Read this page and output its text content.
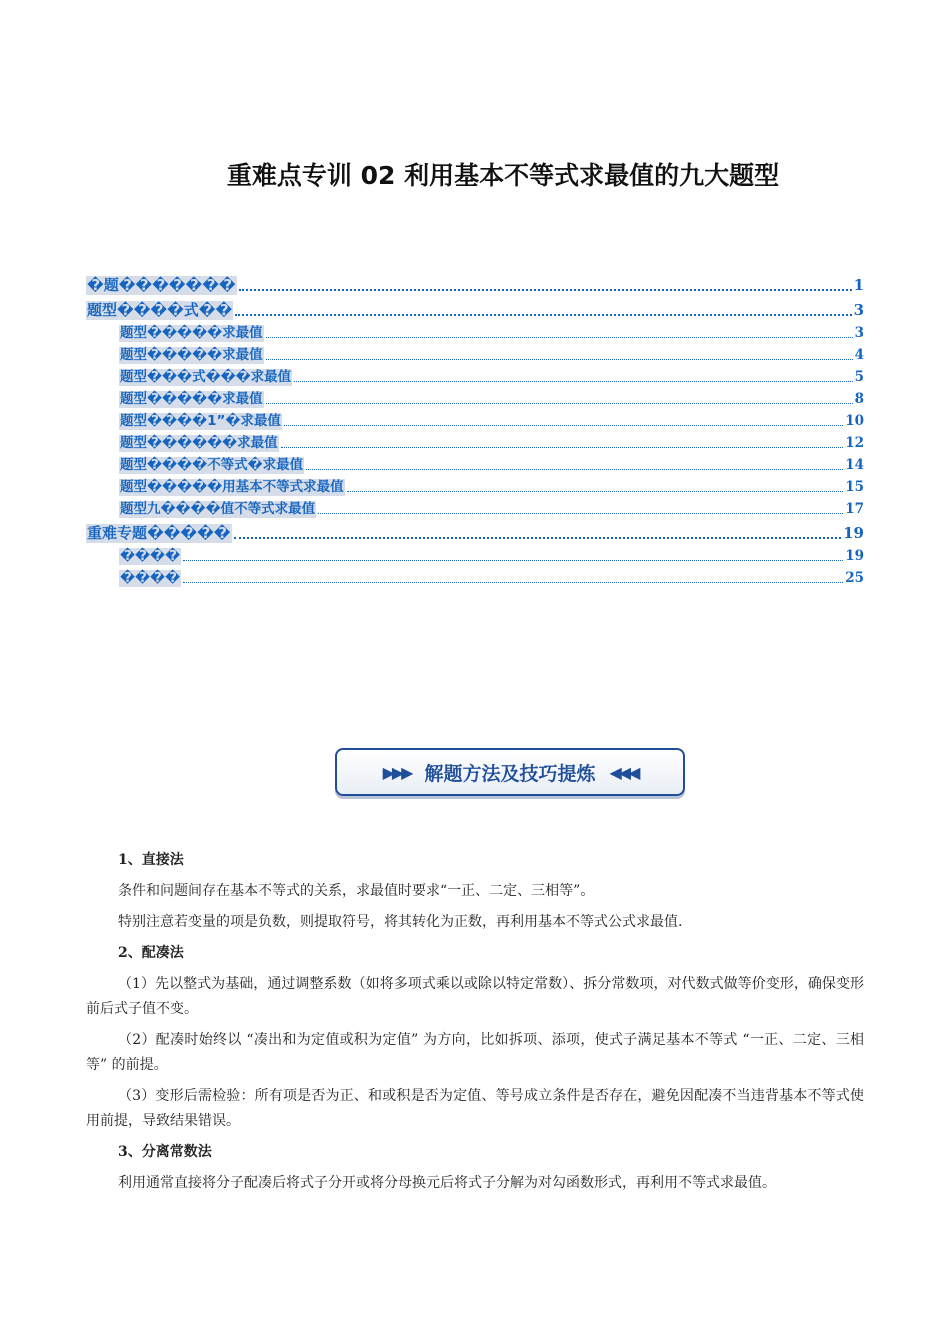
重难点专训 02 利用基本不等式求最值的九大题型
�题�������	1
题型����式��	3
题型�����求最值	3
题型�����求最值	4
题型���式���求最值	5
题型�����求最值	8
题型����1”�求最值	10
题型������求最值	12
题型����不等式�求最值	14
题型�����用基本不等式求最值	15
题型九����值不等式求最值	17
重难专题�����	19
����	19
����	25
▶▶▶ 解题方法及技巧提炼 ◀◀◀
1、直接法

条件和问题间存在基本不等式的关系，求最值时要求“一正、二定、三相等”。

特别注意若变量的项是负数，则提取符号，将其转化为正数，再利用基本不等式公式求最值.

2、配凑法

（1）先以整式为基础，通过调整系数（如将多项式乘以或除以特定常数）、拆分常数项，对代数式做等价变形，确保变形前后式子值不变。

（2）配凑时始终以 “凑出和为定值或积为定值” 为方向，比如拆项、添项，使式子满足基本不等式 “一正、二定、三相等” 的前提。

（3）变形后需检验：所有项是否为正、和或积是否为定值、等号成立条件是否存在，避免因配凑不当违背基本不等式使用前提，导致结果错误。

3、分离常数法

利用通常直接将分子配凑后将式子分开或将分母换元后将式子分解为对勾函数形式，再利用不等式求最值。
